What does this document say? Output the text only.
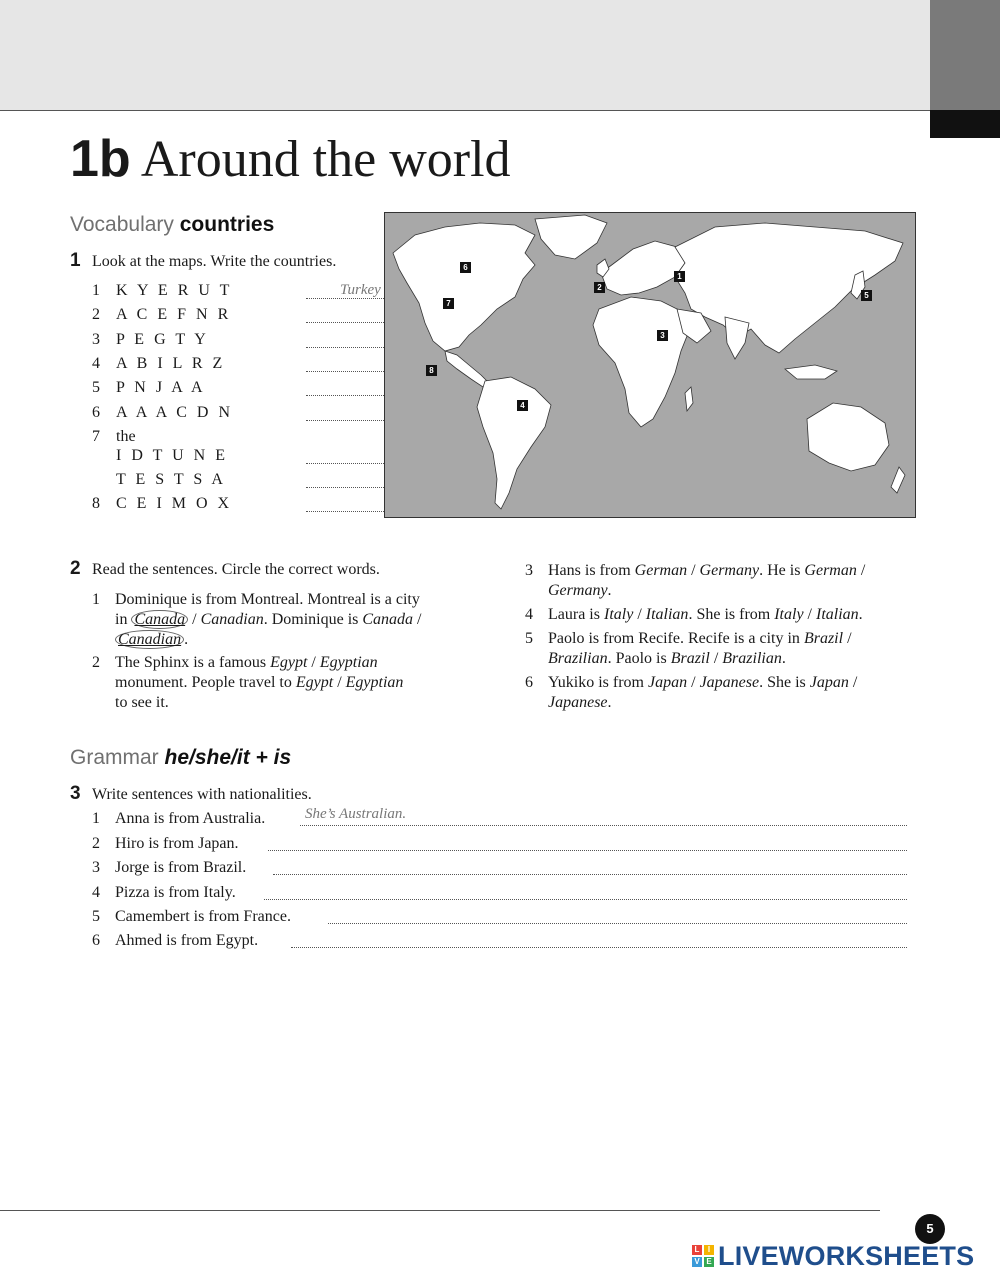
1b Around the world
Vocabulary countries
1 Look at the maps. Write the countries.
1	K Y E R U T	Turkey
2	A C E F N R
3	P E G T Y
4	A B I L R Z
5	P N J A A
6	A A A C D N
7	the
I D T U N E
T E S T S A
8	C E I M O X
1
2
3
4
5
6
7
8
2 Read the sentences. Circle the correct words.
1 Dominique is from Montreal. Montreal is a city
in Canada / Canadian. Dominique is Canada /
Canadian .
2 The Sphinx is a famous Egypt / Egyptian
monument. People travel to Egypt / Egyptian
to see it.
3 Hans is from German / Germany. He is German /
Germany.
4 Laura is Italy / Italian. She is from Italy / Italian.
5 Paolo is from Recife. Recife is a city in Brazil /
Brazilian. Paolo is Brazil / Brazilian.
6 Yukiko is from Japan / Japanese. She is Japan /
Japanese.
Grammar he/she/it + is
3 Write sentences with nationalities.
1 Anna is from Australia.	She’s Australian.
2 Hiro is from Japan.
3 Jorge is from Brazil.
4 Pizza is from Italy.
5 Camembert is from France.
6 Ahmed is from Egypt.
5
L	I
V E LIVEWORKSHEETS
